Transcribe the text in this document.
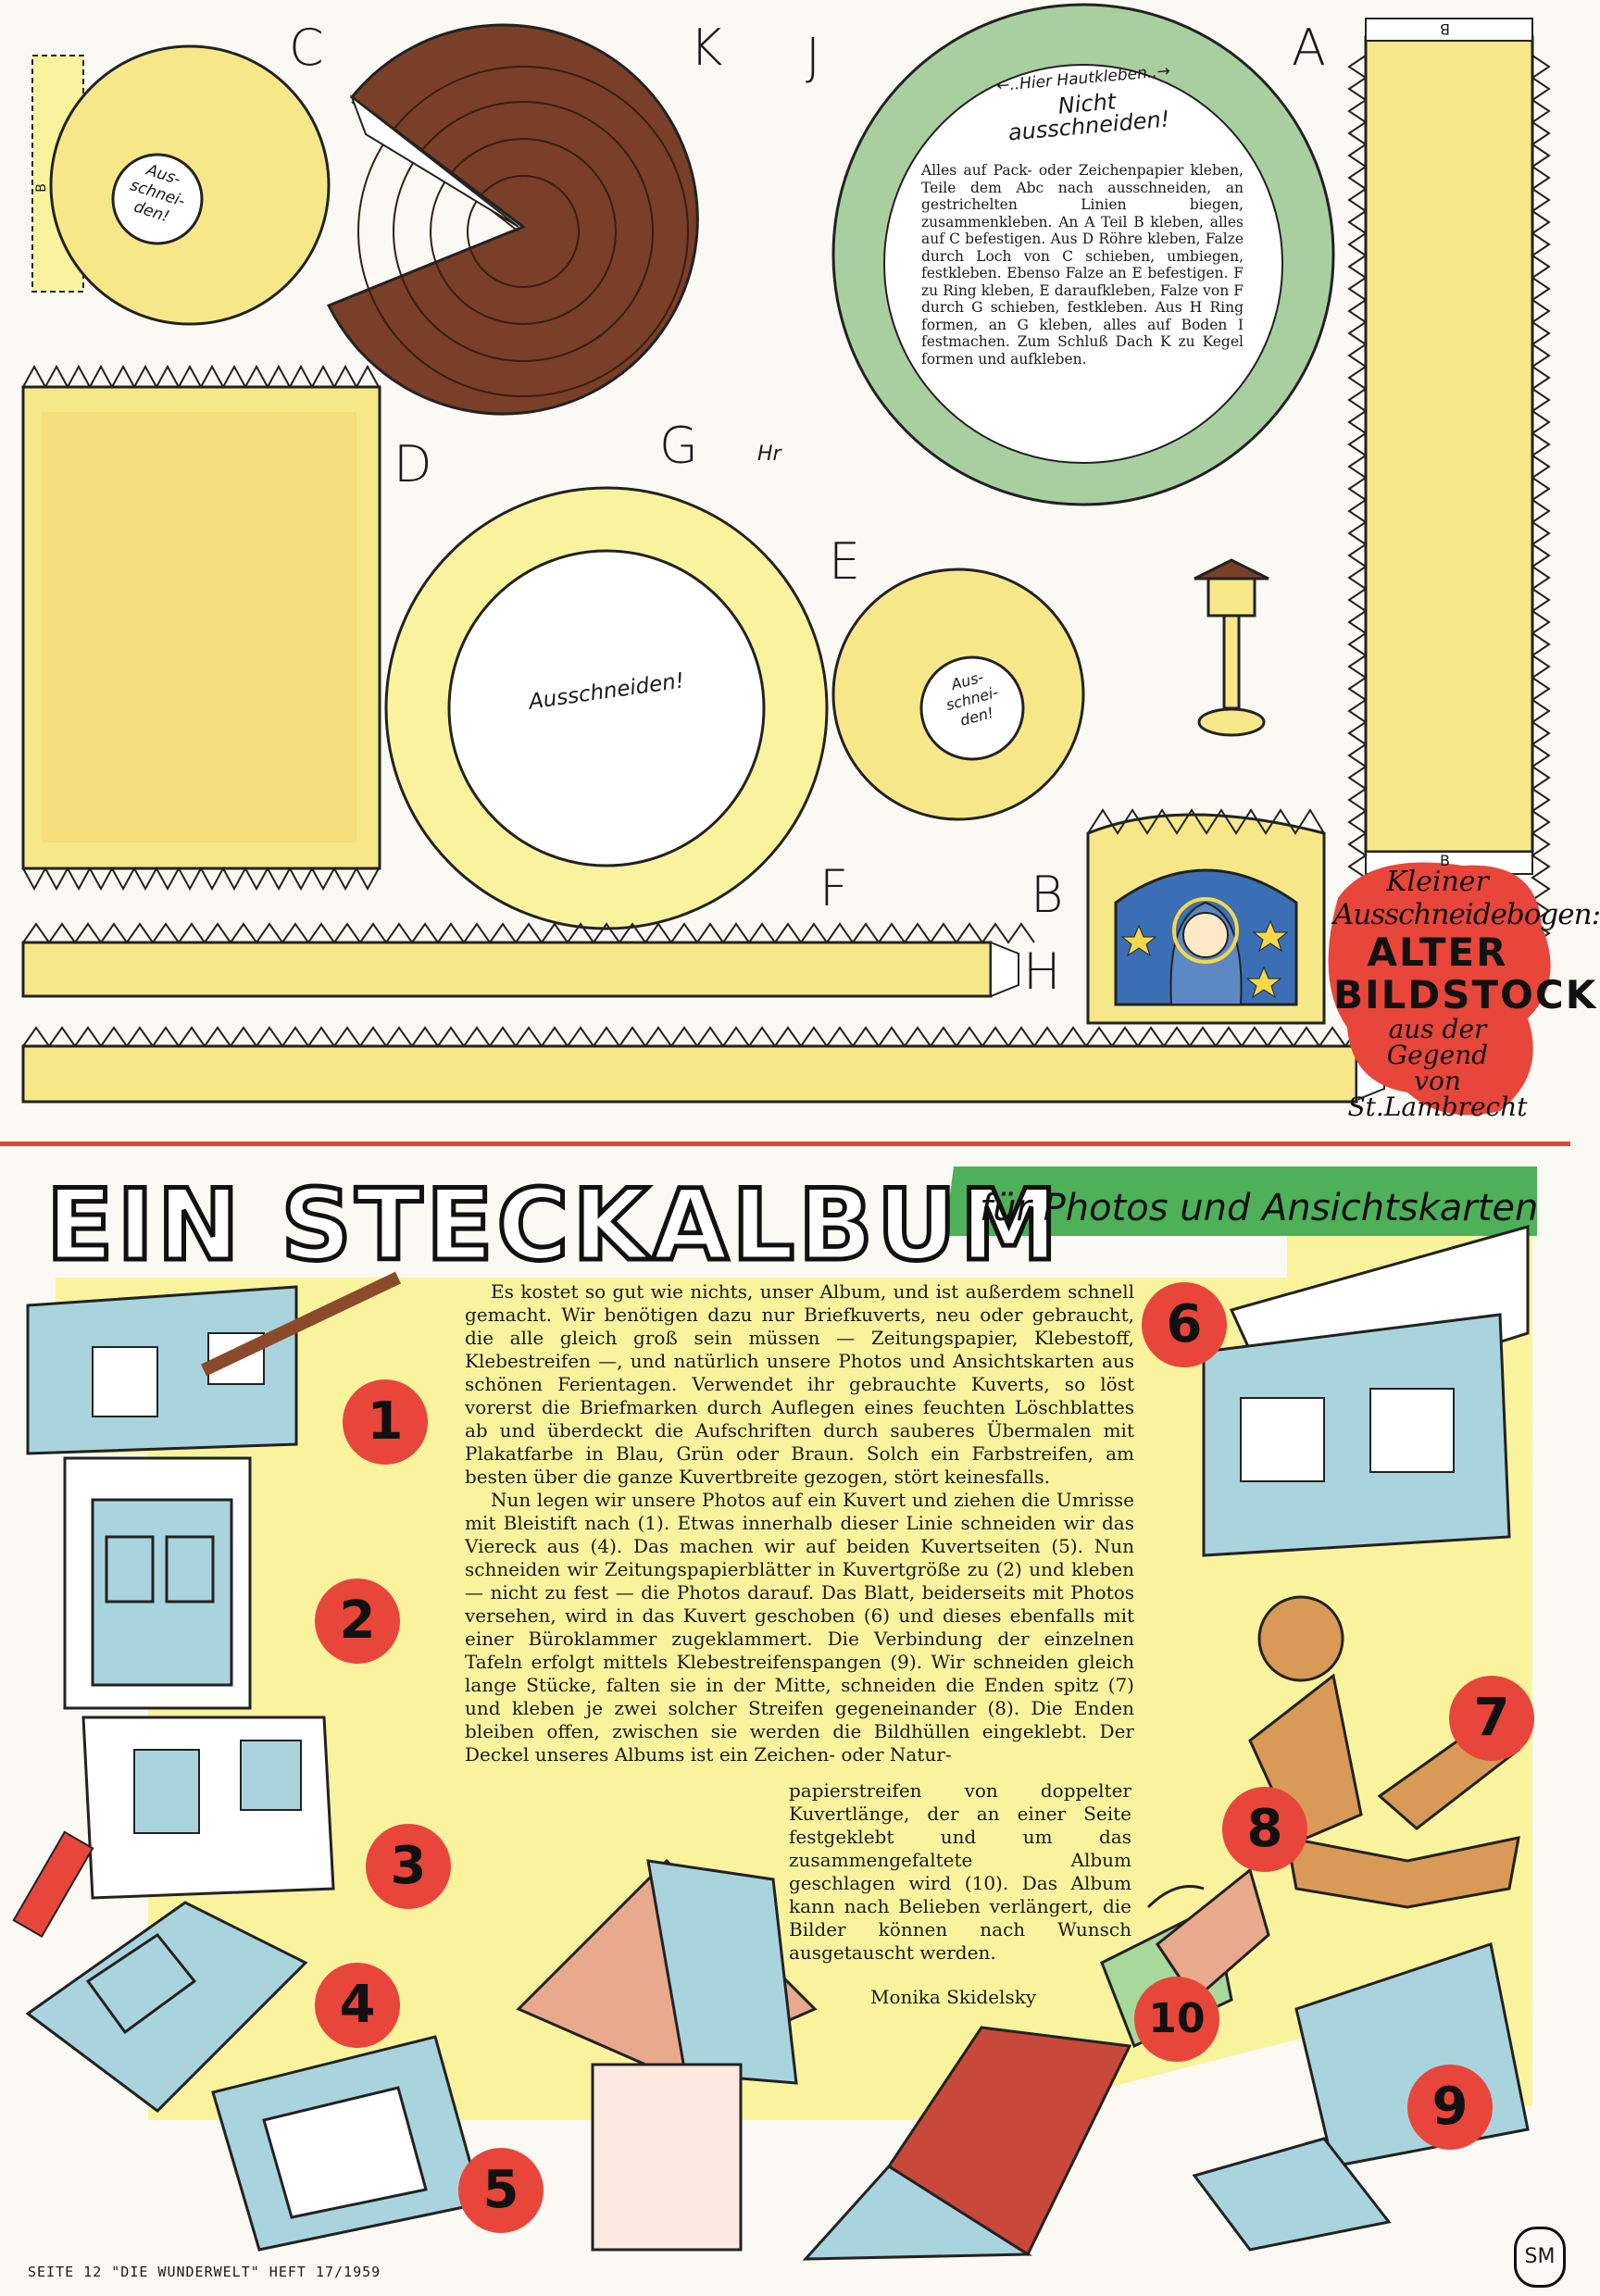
C	K J	A
D	G
E
F	B
H
B
B
B	Aus-
schnei-
den!
Ausschneiden!	Aus-
schnei-
den!
Hr
←..Hier Hautkleben..→
Nicht
ausschneiden!
Alles auf Pack- oder Zeichenpapier kleben, Teile dem Abc nach ausschneiden, an gestrichelten Linien biegen, zusammenkleben. An A Teil B kleben, alles auf C befestigen. Aus D Röhre kleben, Falze durch Loch von C schieben, umbiegen, festkleben. Ebenso Falze an E befestigen. F zu Ring kleben, E daraufkleben, Falze von F durch G schieben, festkleben. Aus H Ring formen, an G kleben, alles auf Boden I festmachen. Zum Schluß Dach K zu Kegel formen und aufkleben.
Kleiner
Ausschneidebogen:
ALTER
BILDSTOCK
aus der
Gegend
von
St.Lambrecht
EIN STECKALBUM
für Photos und Ansichtskarten

Es kostet so gut wie nichts, unser Album, und ist außerdem schnell gemacht. Wir benötigen dazu nur Briefkuverts, neu oder gebraucht, die alle gleich groß sein müssen — Zeitungspapier, Klebestoff, Klebestreifen —, und natürlich unsere Photos und Ansichtskarten aus schönen Ferientagen. Verwendet ihr gebrauchte Kuverts, so löst vorerst die Briefmarken durch Auflegen eines feuchten Löschblattes ab und überdeckt die Aufschriften durch sauberes Übermalen mit Plakatfarbe in Blau, Grün oder Braun. Solch ein Farbstreifen, am besten über die ganze Kuvertbreite gezogen, stört keinesfalls.

Nun legen wir unsere Photos auf ein Kuvert und ziehen die Umrisse mit Bleistift nach (1). Etwas innerhalb dieser Linie schneiden wir das Viereck aus (4). Das machen wir auf beiden Kuvertseiten (5). Nun schneiden wir Zeitungspapierblätter in Kuvertgröße zu (2) und kleben — nicht zu fest — die Photos darauf. Das Blatt, beiderseits mit Photos versehen, wird in das Kuvert geschoben (6) und dieses ebenfalls mit einer Büroklammer zugeklammert. Die Verbindung der einzelnen Tafeln erfolgt mittels Klebestreifenspangen (9). Wir schneiden gleich lange Stücke, falten sie in der Mitte, schneiden die Enden spitz (7) und kleben je zwei solcher Streifen gegeneinander (8). Die Enden bleiben offen, zwischen sie werden die Bildhüllen eingeklebt. Der Deckel unseres Albums ist ein Zeichen- oder Natur-

papierstreifen von doppelter Kuvertlänge, der an einer Seite festgeklebt und um das zusammengefaltete Album geschlagen wird (10). Das Album kann nach Belieben verlängert, die Bilder können nach Wunsch ausgetauscht werden.
Monika Skidelsky
1
2
3
4
5
6
7
8
9
10
SEITE 12 "DIE WUNDERWELT" HEFT 17/1959
SM
